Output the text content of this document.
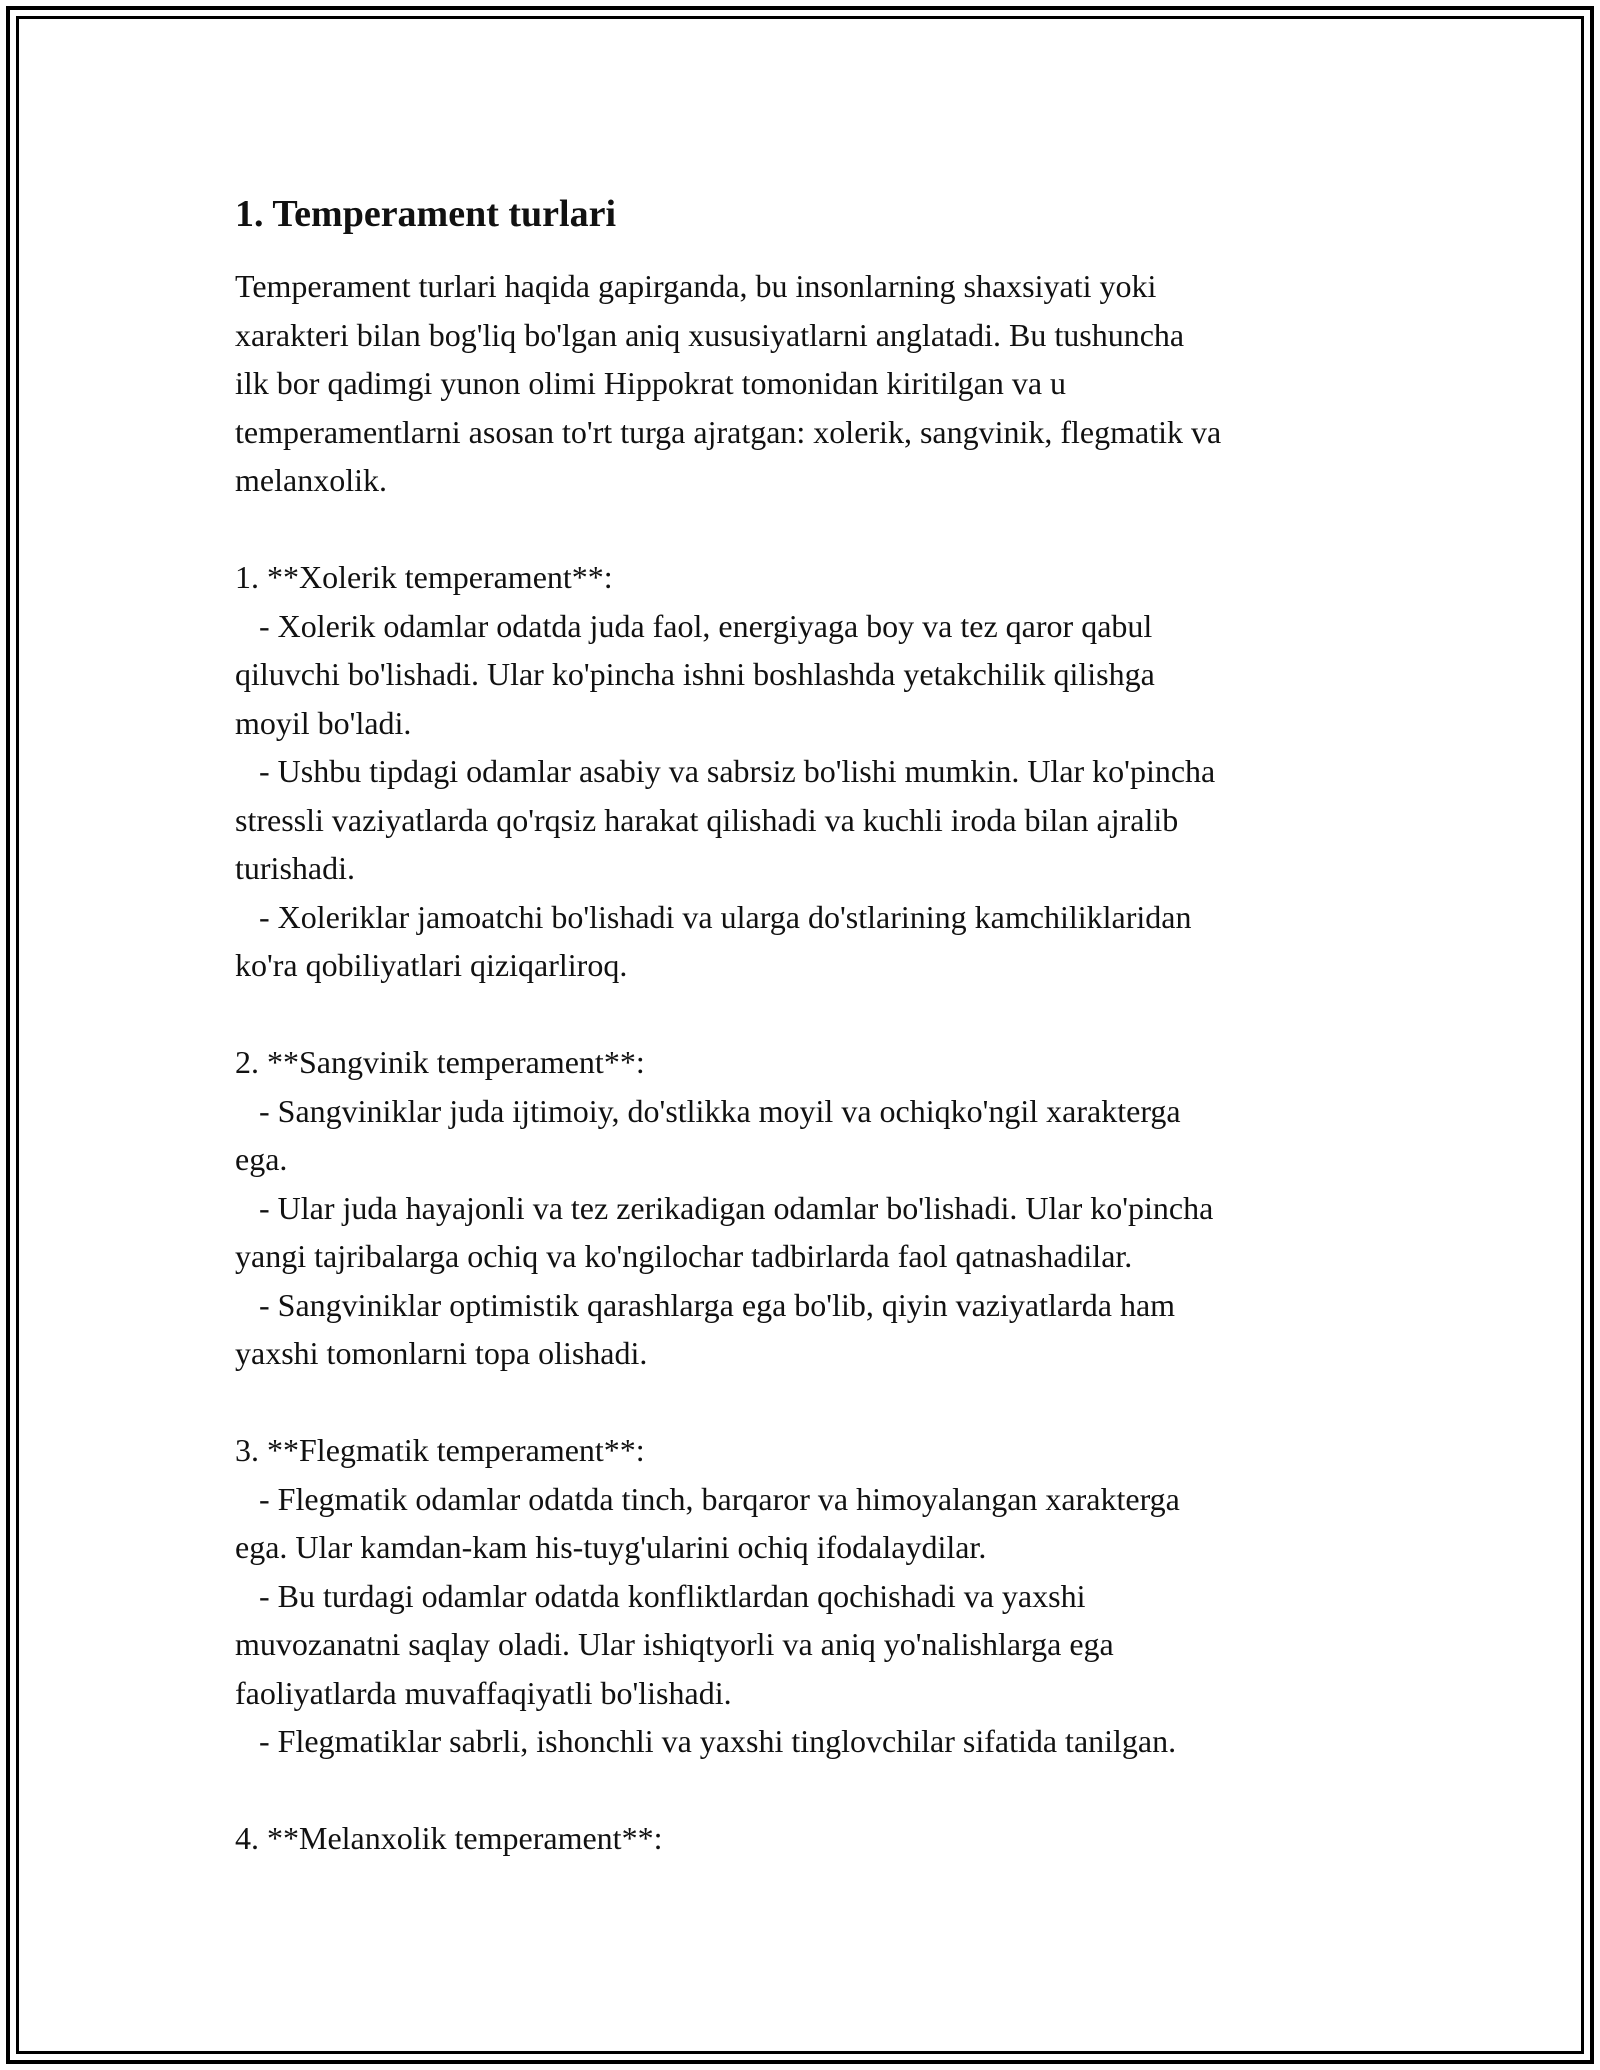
1. Temperament turlari
Temperament turlari haqida gapirganda, bu insonlarning shaxsiyati yoki
xarakteri bilan bog'liq bo'lgan aniq xususiyatlarni anglatadi. Bu tushuncha
ilk bor qadimgi yunon olimi Hippokrat tomonidan kiritilgan va u
temperamentlarni asosan to'rt turga ajratgan: xolerik, sangvinik, flegmatik va
melanxolik.

1. **Xolerik temperament**:
- Xolerik odamlar odatda juda faol, energiyaga boy va tez qaror qabul
qiluvchi bo'lishadi. Ular ko'pincha ishni boshlashda yetakchilik qilishga
moyil bo'ladi.
- Ushbu tipdagi odamlar asabiy va sabrsiz bo'lishi mumkin. Ular ko'pincha
stressli vaziyatlarda qo'rqsiz harakat qilishadi va kuchli iroda bilan ajralib
turishadi.
- Xoleriklar jamoatchi bo'lishadi va ularga do'stlarining kamchiliklaridan
ko'ra qobiliyatlari qiziqarliroq.

2. **Sangvinik temperament**:
- Sangviniklar juda ijtimoiy, do'stlikka moyil va ochiqko'ngil xarakterga
ega.
- Ular juda hayajonli va tez zerikadigan odamlar bo'lishadi. Ular ko'pincha
yangi tajribalarga ochiq va ko'ngilochar tadbirlarda faol qatnashadilar.
- Sangviniklar optimistik qarashlarga ega bo'lib, qiyin vaziyatlarda ham
yaxshi tomonlarni topa olishadi.

3. **Flegmatik temperament**:
- Flegmatik odamlar odatda tinch, barqaror va himoyalangan xarakterga
ega. Ular kamdan-kam his-tuyg'ularini ochiq ifodalaydilar.
- Bu turdagi odamlar odatda konfliktlardan qochishadi va yaxshi
muvozanatni saqlay oladi. Ular ishiqtyorli va aniq yo'nalishlarga ega
faoliyatlarda muvaffaqiyatli bo'lishadi.
- Flegmatiklar sabrli, ishonchli va yaxshi tinglovchilar sifatida tanilgan.

4. **Melanxolik temperament**:
